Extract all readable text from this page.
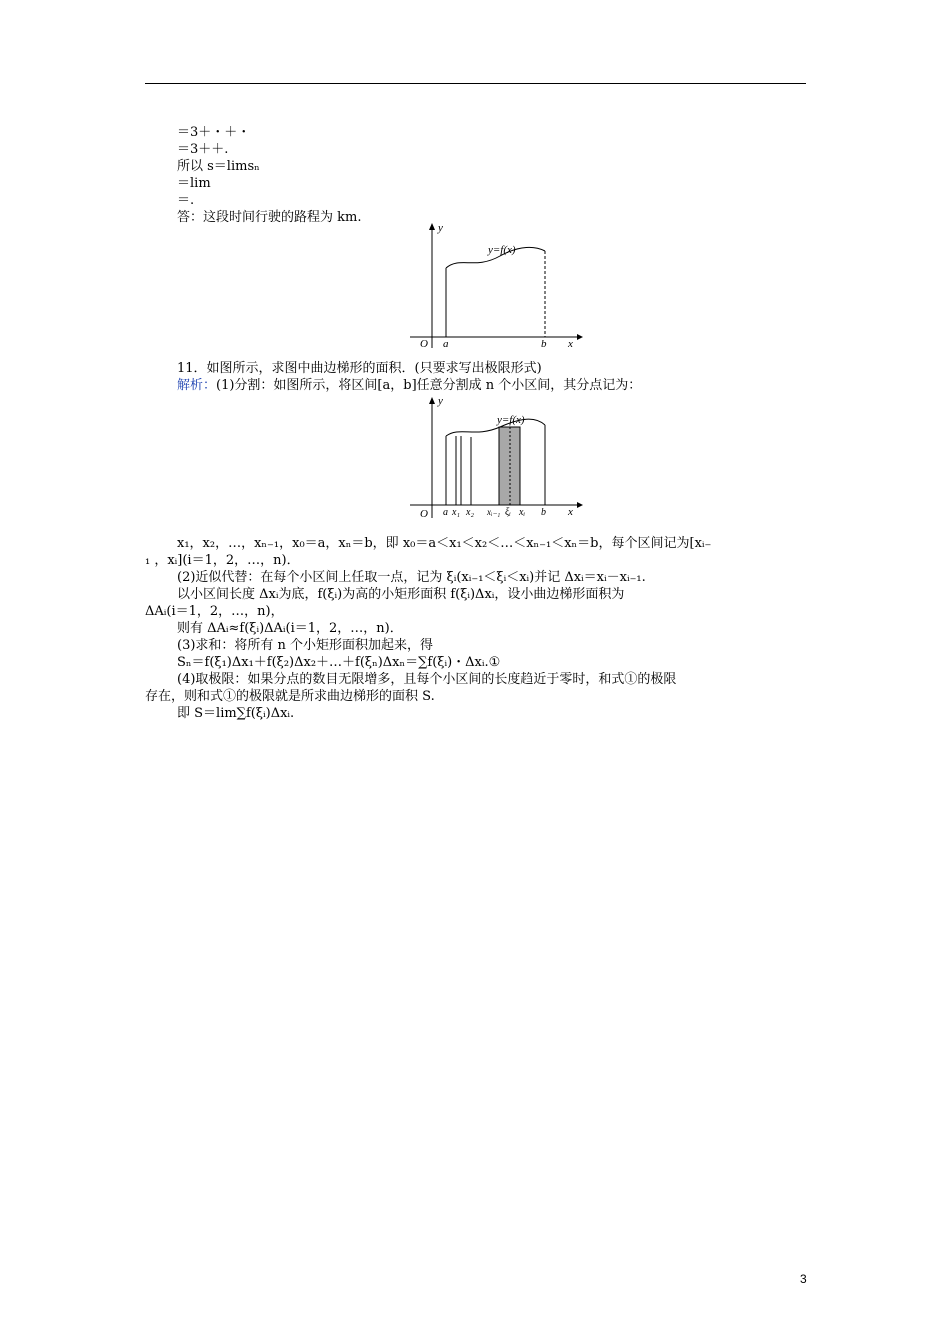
＝3＋・＋・
＝3＋＋.
所以 s＝limsₙ
＝lim
＝.
答：这段时间行驶的路程为 km.
y
y=f(x)
O a	b x
11．如图所示，求图中曲边梯形的面积．(只要求写出极限形式)
解析：(1)分割：如图所示，将区间[a，b]任意分割成 n 个小区间，其分点记为：
y
y=f(x)
O a x₁ x₂ xᵢ₋₁ ξᵢ xᵢ b x
x₁，x₂，…，xₙ₋₁，x₀＝a，xₙ＝b，即 x₀＝a＜x₁＜x₂＜…＜xₙ₋₁＜xₙ＝b，每个区间记为[xᵢ₋
₁ ，xᵢ](i＝1，2，…，n)．
(2)近似代替：在每个小区间上任取一点，记为 ξᵢ(xᵢ₋₁＜ξᵢ＜xᵢ)并记 Δxᵢ＝xᵢ－xᵢ₋₁.
以小区间长度 Δxᵢ为底，f(ξᵢ)为高的小矩形面积 f(ξᵢ)Δxᵢ，设小曲边梯形面积为
ΔAᵢ(i＝1，2，…，n)，
则有 ΔAᵢ≈f(ξᵢ)ΔAᵢ(i＝1，2，…，n)．
(3)求和：将所有 n 个小矩形面积加起来，得
Sₙ＝f(ξ₁)Δx₁＋f(ξ₂)Δx₂＋…＋f(ξₙ)Δxₙ＝∑f(ξᵢ)・Δxᵢ.①
(4)取极限：如果分点的数目无限增多，且每个小区间的长度趋近于零时，和式①的极限
存在，则和式①的极限就是所求曲边梯形的面积 S.
即 S＝lim∑f(ξᵢ)Δxᵢ.
3
